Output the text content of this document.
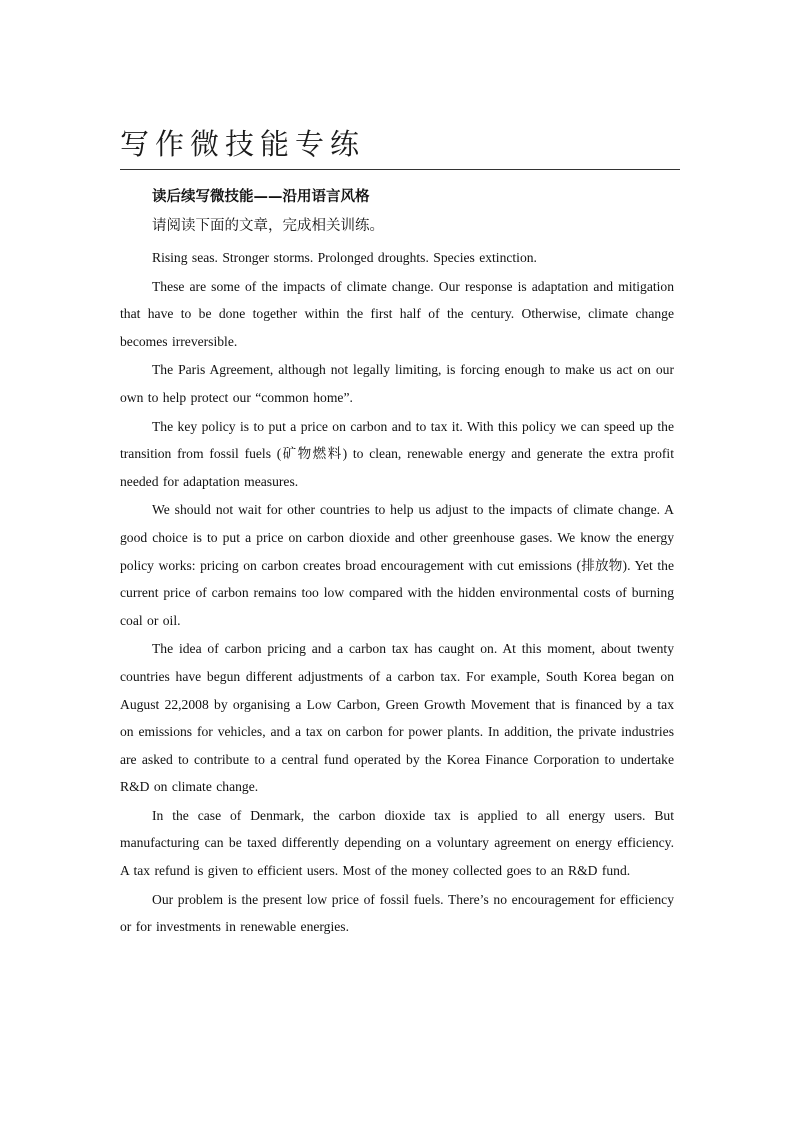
写作微技能专练

读后续写微技能——沿用语言风格

请阅读下面的文章，完成相关训练。

Rising seas. Stronger storms. Prolonged droughts. Species extinction.

These are some of the impacts of climate change. Our response is adaptation and mitigation that have to be done together within the first half of the century. Otherwise, climate change becomes irreversible.

The Paris Agreement, although not legally limiting, is forcing enough to make us act on our own to help protect our “common home”.

The key policy is to put a price on carbon and to tax it. With this policy we can speed up the transition from fossil fuels (矿物燃料) to clean, renewable energy and generate the extra profit needed for adaptation measures.

We should not wait for other countries to help us adjust to the impacts of climate change. A good choice is to put a price on carbon dioxide and other greenhouse gases. We know the energy policy works: pricing on carbon creates broad encouragement with cut emissions (排放物). Yet the current price of carbon remains too low compared with the hidden environmental costs of burning coal or oil.

The idea of carbon pricing and a carbon tax has caught on. At this moment, about twenty countries have begun different adjustments of a carbon tax. For example, South Korea began on August 22,2008 by organising a Low Carbon, Green Growth Movement that is financed by a tax on emissions for vehicles, and a tax on carbon for power plants. In addition, the private industries are asked to contribute to a central fund operated by the Korea Finance Corporation to undertake R&D on climate change.

In the case of Denmark, the carbon dioxide tax is applied to all energy users. But manufacturing can be taxed differently depending on a voluntary agreement on energy efficiency. A tax refund is given to efficient users. Most of the money collected goes to an R&D fund.

Our problem is the present low price of fossil fuels. There’s no encouragement for efficiency or for investments in renewable energies.
